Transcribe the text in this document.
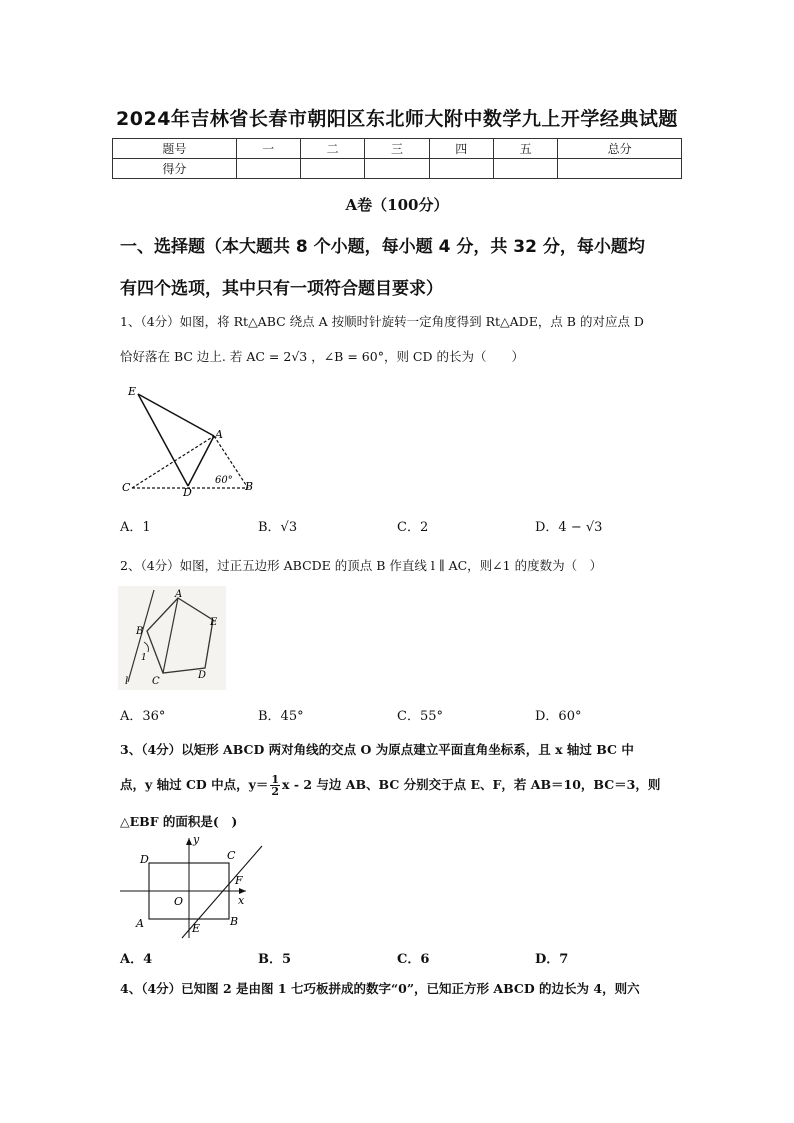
2024年吉林省长春市朝阳区东北师大附中数学九上开学经典试题
题号	一	二	三	四	五	总分
得分						
A卷（100分）
一、选择题（本大题共 8 个小题，每小题 4 分，共 32 分，每小题均
有四个选项，其中只有一项符合题目要求）
1、（4分）如图，将 Rt△ABC 绕点 A 按顺时针旋转一定角度得到 Rt△ADE，点 B 的对应点 D
恰好落在 BC 边上. 若 AC = 2√3 ，∠B = 60°，则 CD 的长为（　　）
E
A
C	D	B
60°
A．1	B．√3	C．2	D．4 − √3
2、（4分）如图，过正五边形 ABCDE 的顶点 B 作直线 l ∥ AC，则∠1 的度数为（　）
A
B
C
D
E
1
l
A．36°	B．45°	C．55°	D．60°
3、（4分）以矩形 ABCD 两对角线的交点 O 为原点建立平面直角坐标系，且 x 轴过 BC 中
点，y 轴过 CD 中点，$y= \frac{1}{2}$ x - 2 与边 AB、BC 分别交于点 E、F，若 AB＝10，BC＝3，则
△EBF 的面积是(　)
D	C
y
F
O	x
A	E
B
A．4	B．5	C．6	D．7
4、（4分）已知图 2 是由图 1 七巧板拼成的数字“0”，已知正方形 ABCD 的边长为 4，则六
